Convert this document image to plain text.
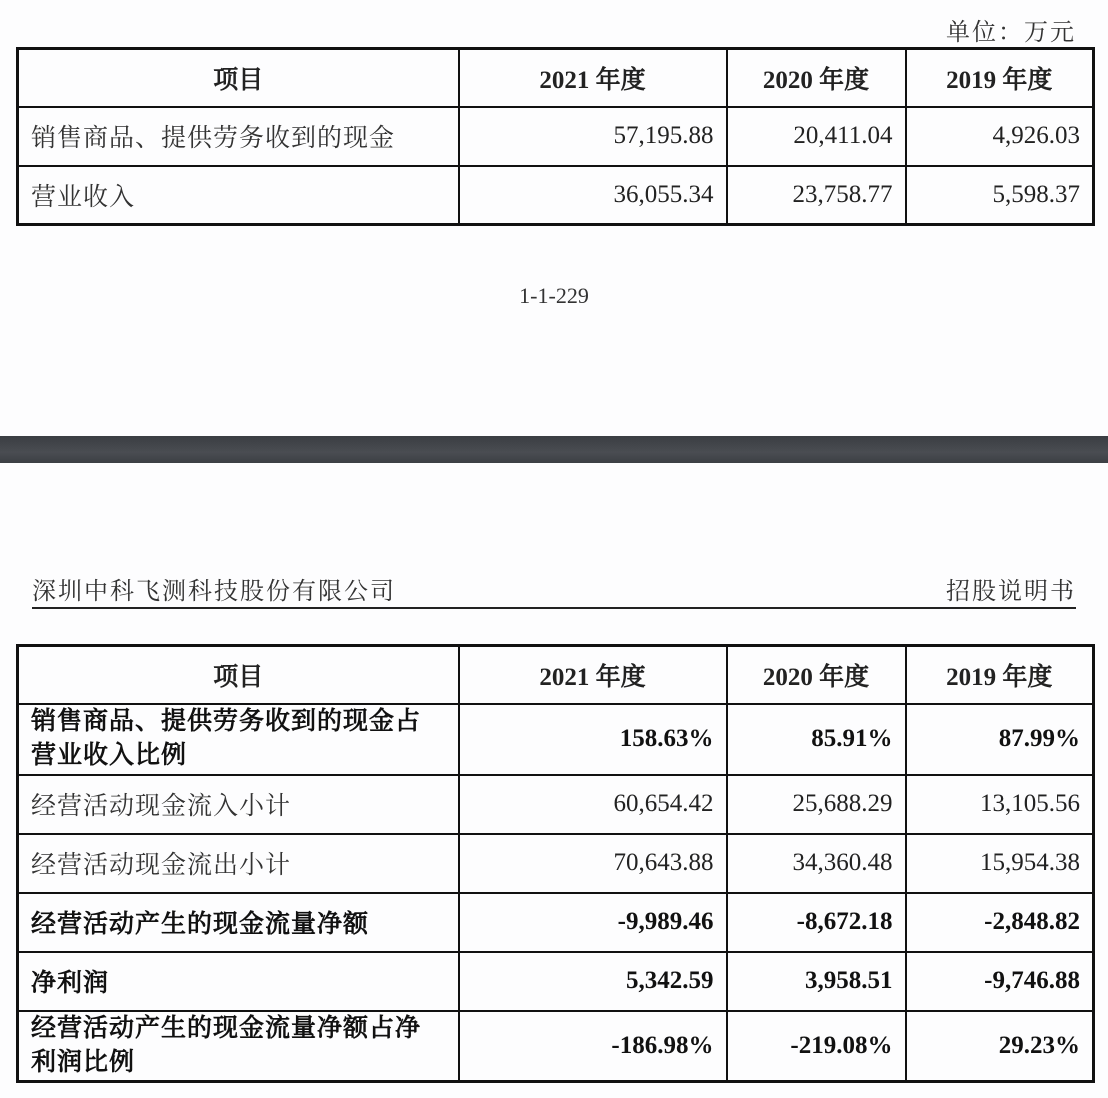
单位：万元
项目	2021 年度	2020 年度	2019 年度
销售商品、提供劳务收到的现金	57,195.88	20,411.04	4,926.03
营业收入	36,055.34	23,758.77	5,598.37
1-1-229
深圳中科飞测科技股份有限公司	招股说明书
项目	2021 年度	2020 年度	2019 年度
销售商品、提供劳务收到的现金占营业收入比例	158.63%	85.91%	87.99%
经营活动现金流入小计	60,654.42	25,688.29	13,105.56
经营活动现金流出小计	70,643.88	34,360.48	15,954.38
经营活动产生的现金流量净额	-9,989.46	-8,672.18	-2,848.82
净利润	5,342.59	3,958.51	-9,746.88
经营活动产生的现金流量净额占净利润比例	-186.98%	-219.08%	29.23%
